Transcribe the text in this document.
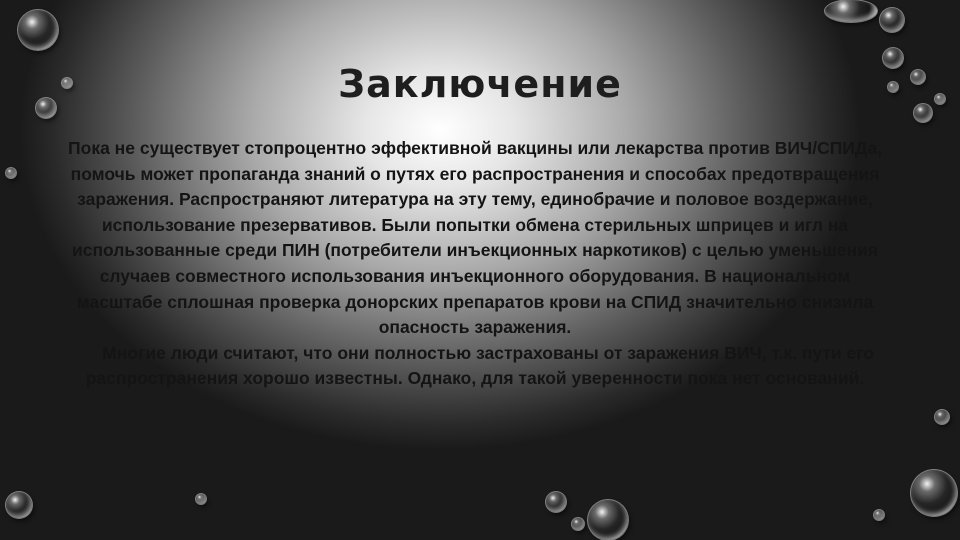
Заключение

Пока не существует стопроцентно эффективной вакцины или лекарства против ВИЧ/СПИДа, помочь может пропаганда знаний о путях его распространения и способах предотвращения заражения. Распространяют литература на эту тему, единобрачие и половое воздержание, использование презервативов. Были попытки обмена стерильных шприцев и игл на использованные среди ПИН (потребители инъекционных наркотиков) с целью уменьшения случаев совместного использования инъекционного оборудования. В национальном масштабе сплошная проверка донорских препаратов крови на СПИД значительно снизила опасность заражения.

Многие люди считают, что они полностью застрахованы от заражения ВИЧ, т.к. пути его распространения хорошо известны. Однако, для такой уверенности пока нет оснований.
